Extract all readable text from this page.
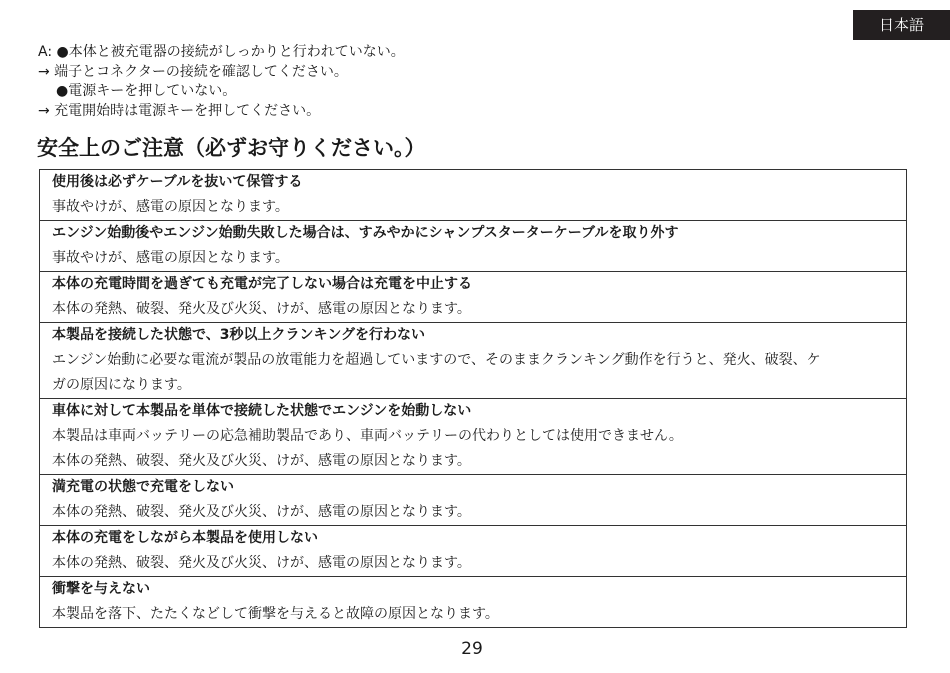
日本語
A: ●本体と被充電器の接続がしっかりと行われていない。
→ 端子とコネクターの接続を確認してください。
●電源キーを押していない。
→ 充電開始時は電源キーを押してください。
安全上のご注意（必ずお守りください。）
使用後は必ずケーブルを抜いて保管する
事故やけが、感電の原因となります。
エンジン始動後やエンジン始動失敗した場合は、すみやかにシャンプスターターケーブルを取り外す
事故やけが、感電の原因となります。
本体の充電時間を過ぎても充電が完了しない場合は充電を中止する
本体の発熱、破裂、発火及び火災、けが、感電の原因となります。
本製品を接続した状態で、3秒以上クランキングを行わない
エンジン始動に必要な電流が製品の放電能力を超過していますので、そのままクランキング動作を行うと、発火、破裂、ケ
ガの原因になります。
車体に対して本製品を単体で接続した状態でエンジンを始動しない
本製品は車両バッテリーの応急補助製品であり、車両バッテリーの代わりとしては使用できません。
本体の発熱、破裂、発火及び火災、けが、感電の原因となります。
満充電の状態で充電をしない
本体の発熱、破裂、発火及び火災、けが、感電の原因となります。
本体の充電をしながら本製品を使用しない
本体の発熱、破裂、発火及び火災、けが、感電の原因となります。
衝撃を与えない
本製品を落下、たたくなどして衝撃を与えると故障の原因となります。
29
